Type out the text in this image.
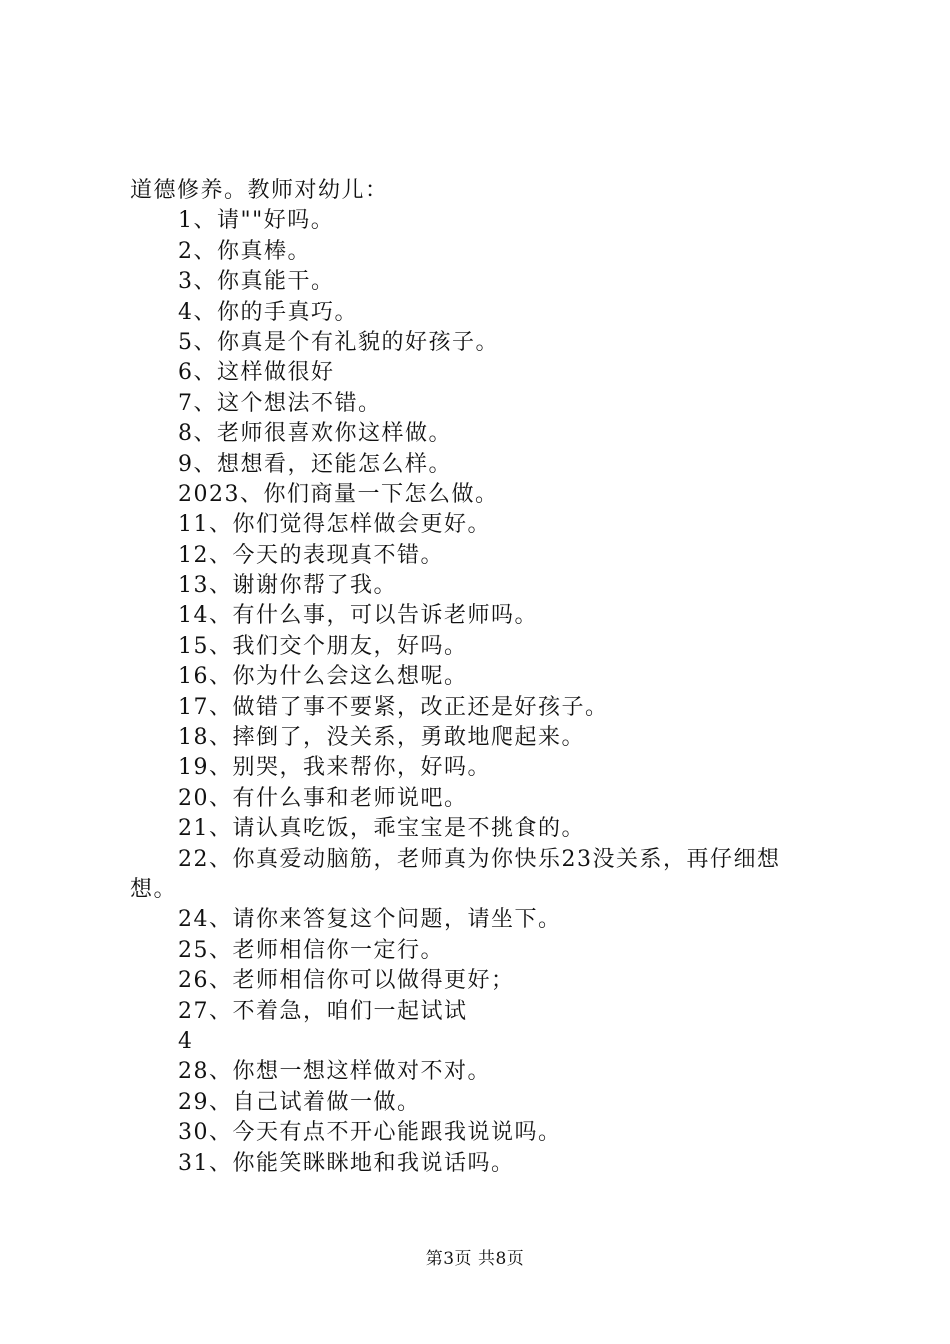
道德修养。教师对幼儿：
1、请""好吗。
2、你真棒。
3、你真能干。
4、你的手真巧。
5、你真是个有礼貌的好孩子。
6、这样做很好
7、这个想法不错。
8、老师很喜欢你这样做。
9、想想看，还能怎么样。
2023、你们商量一下怎么做。
11、你们觉得怎样做会更好。
12、今天的表现真不错。
13、谢谢你帮了我。
14、有什么事，可以告诉老师吗。
15、我们交个朋友，好吗。
16、你为什么会这么想呢。
17、做错了事不要紧，改正还是好孩子。
18、摔倒了，没关系，勇敢地爬起来。
19、别哭，我来帮你，好吗。
20、有什么事和老师说吧。
21、请认真吃饭，乖宝宝是不挑食的。
22、你真爱动脑筋，老师真为你快乐23没关系，再仔细想
想。
24、请你来答复这个问题，请坐下。
25、老师相信你一定行。
26、老师相信你可以做得更好；
27、不着急，咱们一起试试
4
28、你想一想这样做对不对。
29、自己试着做一做。
30、今天有点不开心能跟我说说吗。
31、你能笑眯眯地和我说话吗。
第3页 共8页
